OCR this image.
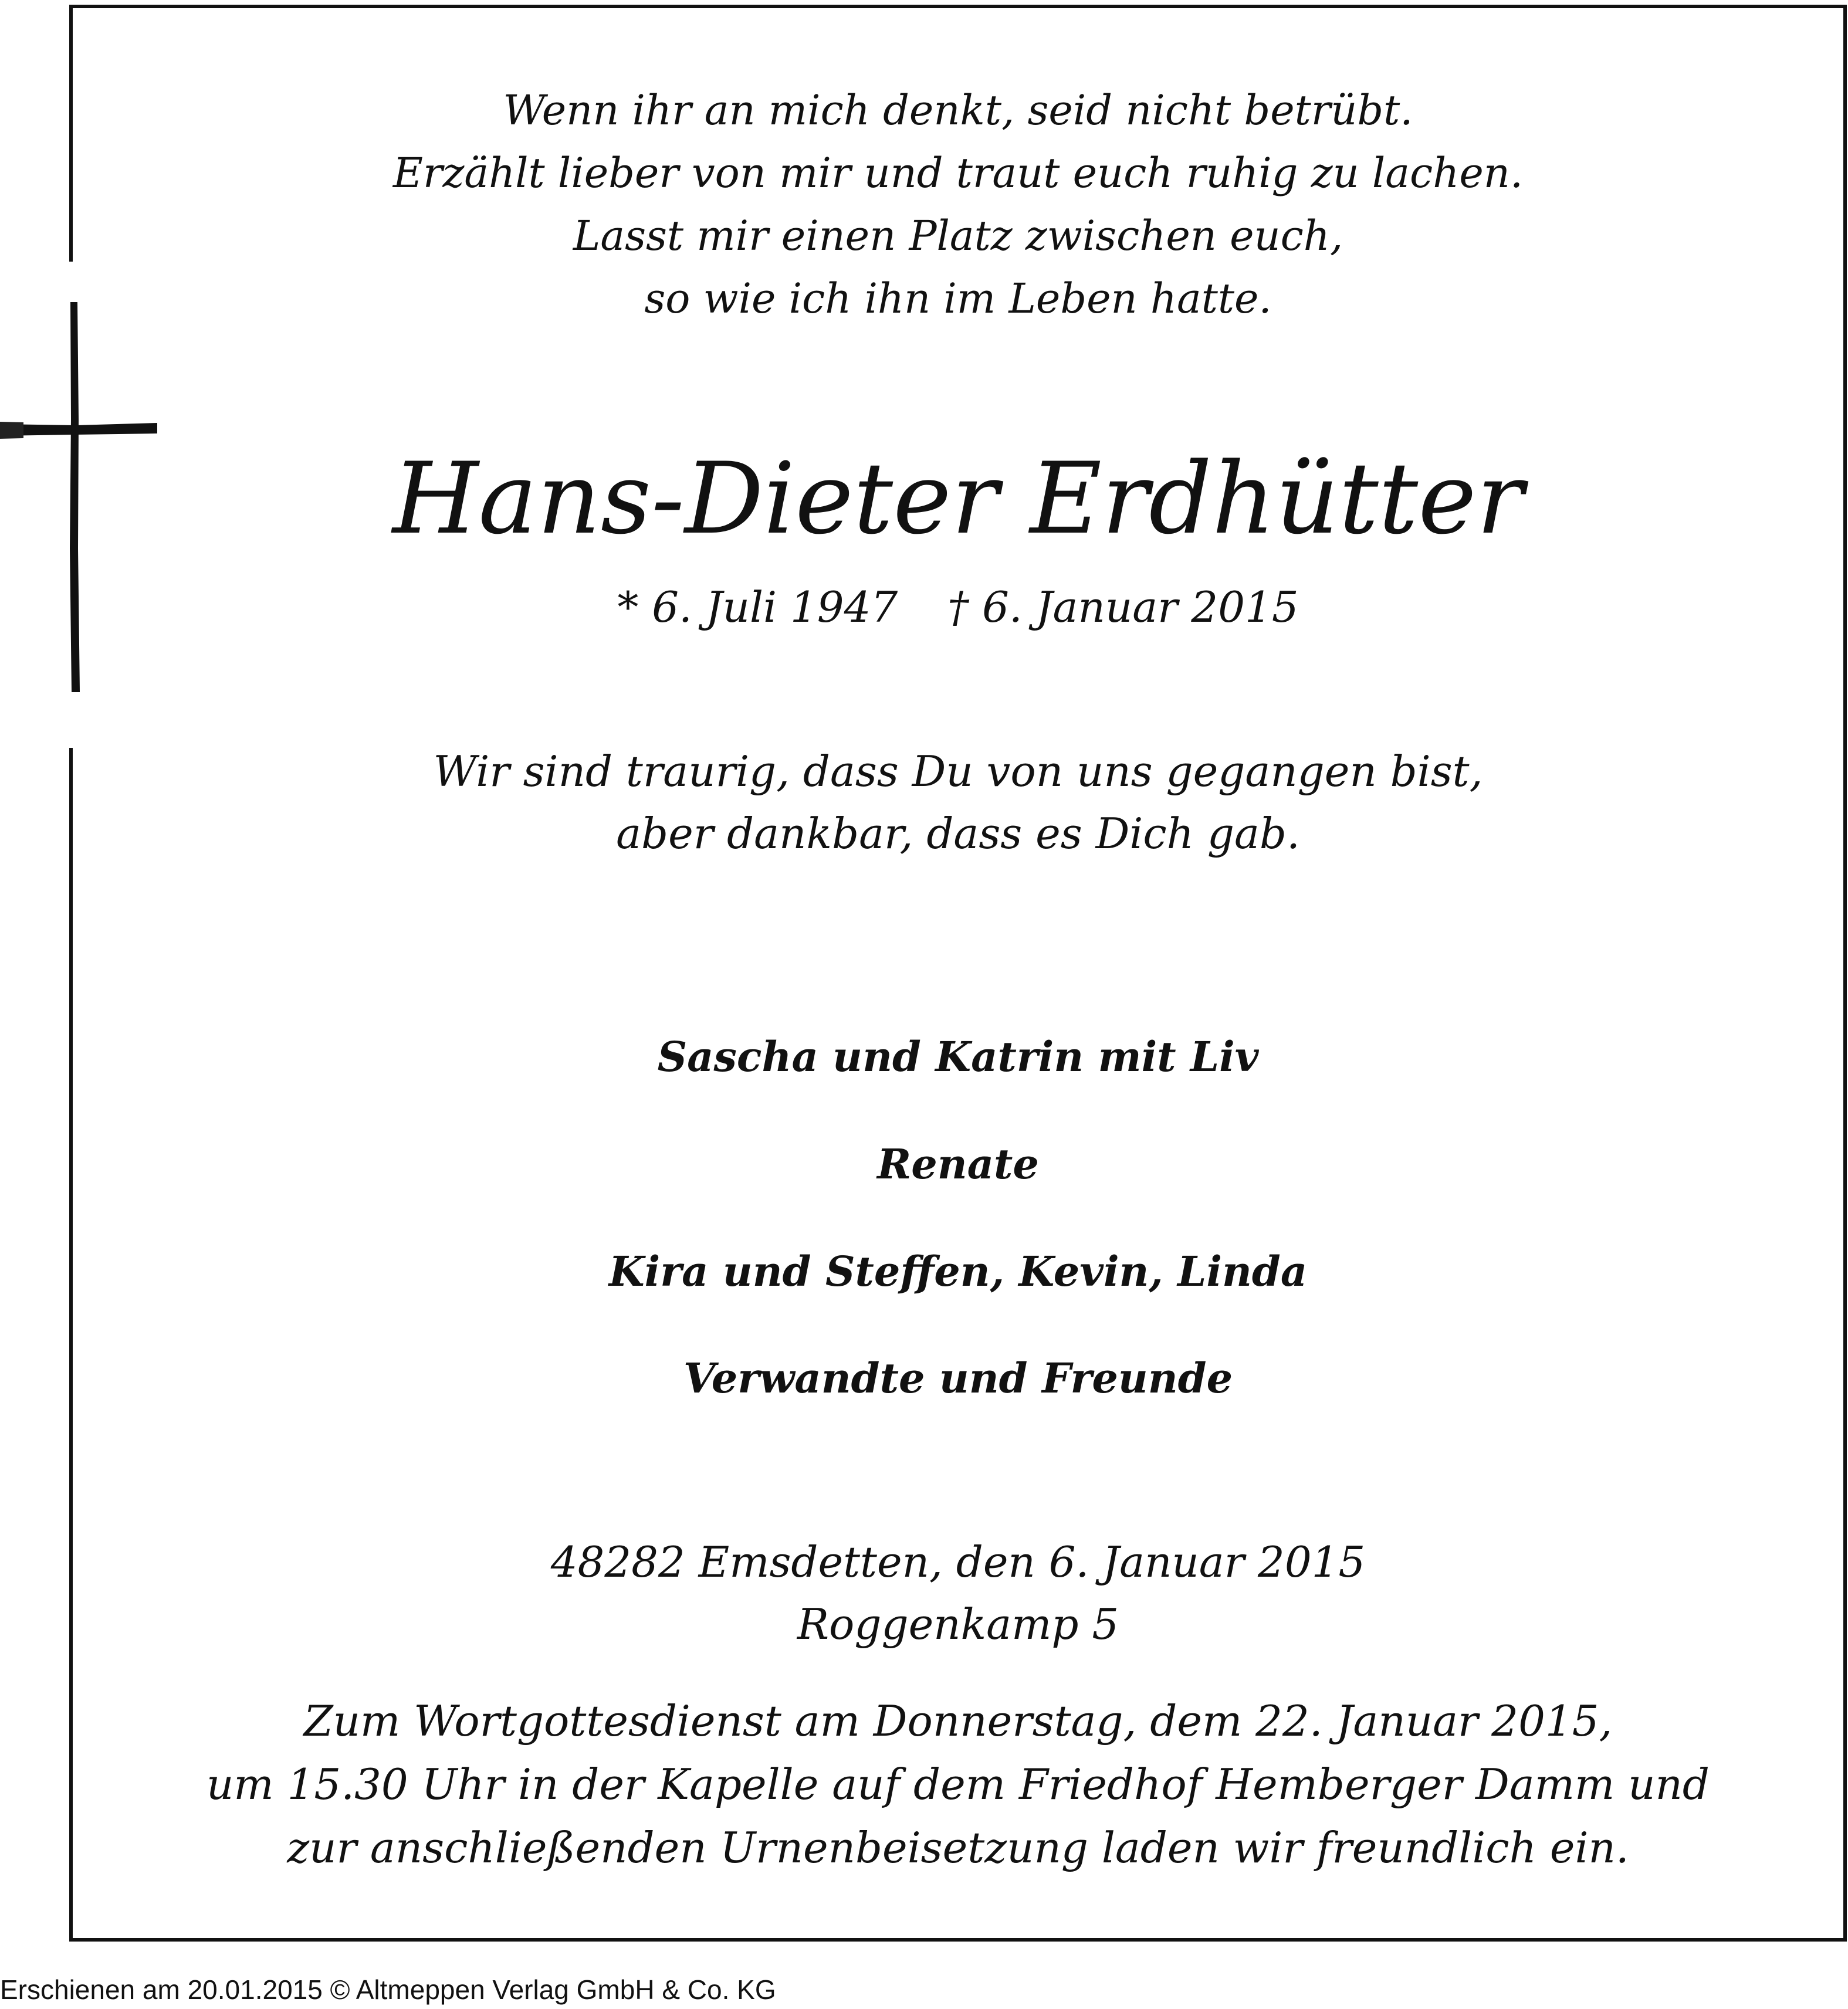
Wenn ihr an mich denkt, seid nicht betrübt.
Erzählt lieber von mir und traut euch ruhig zu lachen.
Lasst mir einen Platz zwischen euch,
so wie ich ihn im Leben hatte.
Hans-Dieter Erdhütter
* 6. Juli 1947 † 6. Januar 2015
Wir sind traurig, dass Du von uns gegangen bist,
aber dankbar, dass es Dich gab.
Sascha und Katrin mit Liv
Renate
Kira und Steffen, Kevin, Linda
Verwandte und Freunde
48282 Emsdetten, den 6. Januar 2015
Roggenkamp 5
Zum Wortgottesdienst am Donnerstag, dem 22. Januar 2015,
um 15.30 Uhr in der Kapelle auf dem Friedhof Hemberger Damm und
zur anschließenden Urnenbeisetzung laden wir freundlich ein.
Erschienen am 20.01.2015 © Altmeppen Verlag GmbH & Co. KG
